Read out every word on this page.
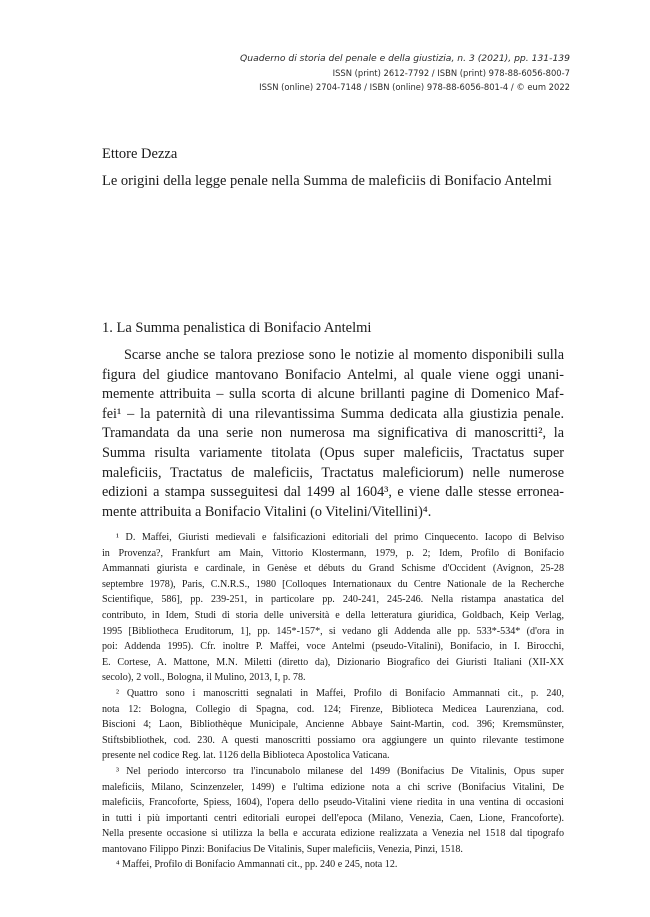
Quaderno di storia del penale e della giustizia, n. 3 (2021), pp. 131-139
ISSN (print) 2612-7792 / ISBN (print) 978-88-6056-800-7
ISSN (online) 2704-7148 / ISBN (online) 978-88-6056-801-4 / © eum 2022
Ettore Dezza
Le origini della legge penale nella Summa de maleficiis di Bonifacio Antelmi
1. La Summa penalistica di Bonifacio Antelmi
Scarse anche se talora preziose sono le notizie al momento disponibili sulla
figura del giudice mantovano Bonifacio Antelmi, al quale viene oggi unani-
memente attribuita – sulla scorta di alcune brillanti pagine di Domenico Maf-
fei¹ – la paternità di una rilevantissima Summa dedicata alla giustizia penale.
Tramandata da una serie non numerosa ma significativa di manoscritti², la
Summa risulta variamente titolata (Opus super maleficiis, Tractatus super
maleficiis, Tractatus de maleficiis, Tractatus maleficiorum) nelle numerose
edizioni a stampa susseguitesi dal 1499 al 1604³, e viene dalle stesse erronea-
mente attribuita a Bonifacio Vitalini (o Vitelini/Vitellini)⁴.
¹ D. Maffei, Giuristi medievali e falsificazioni editoriali del primo Cinquecento. Iacopo di Belviso
in Provenza?, Frankfurt am Main, Vittorio Klostermann, 1979, p. 2; Idem, Profilo di Bonifacio
Ammannati giurista e cardinale, in Genèse et débuts du Grand Schisme d'Occident (Avignon, 25-28
septembre 1978), Paris, C.N.R.S., 1980 [Colloques Internationaux du Centre Nationale de la Recherche
Scientifique, 586], pp. 239-251, in particolare pp. 240-241, 245-246. Nella ristampa anastatica del
contributo, in Idem, Studi di storia delle università e della letteratura giuridica, Goldbach, Keip Verlag,
1995 [Bibliotheca Eruditorum, 1], pp. 145*-157*, si vedano gli Addenda alle pp. 533*-534* (d'ora in
poi: Addenda 1995). Cfr. inoltre P. Maffei, voce Antelmi (pseudo-Vitalini), Bonifacio, in I. Birocchi,
E. Cortese, A. Mattone, M.N. Miletti (diretto da), Dizionario Biografico dei Giuristi Italiani (XII-XX
secolo), 2 voll., Bologna, il Mulino, 2013, I, p. 78.
² Quattro sono i manoscritti segnalati in Maffei, Profilo di Bonifacio Ammannati cit., p. 240,
nota 12: Bologna, Collegio di Spagna, cod. 124; Firenze, Biblioteca Medicea Laurenziana, cod.
Biscioni 4; Laon, Bibliothèque Municipale, Ancienne Abbaye Saint-Martin, cod. 396; Kremsmünster,
Stiftsbibliothek, cod. 230. A questi manoscritti possiamo ora aggiungere un quinto rilevante testimone
presente nel codice Reg. lat. 1126 della Biblioteca Apostolica Vaticana.
³ Nel periodo intercorso tra l'incunabolo milanese del 1499 (Bonifacius De Vitalinis, Opus super
maleficiis, Milano, Scinzenzeler, 1499) e l'ultima edizione nota a chi scrive (Bonifacius Vitalini, De
maleficiis, Francoforte, Spiess, 1604), l'opera dello pseudo-Vitalini viene riedita in una ventina di occasioni
in tutti i più importanti centri editoriali europei dell'epoca (Milano, Venezia, Caen, Lione, Francoforte).
Nella presente occasione si utilizza la bella e accurata edizione realizzata a Venezia nel 1518 dal tipografo
mantovano Filippo Pinzi: Bonifacius De Vitalinis, Super maleficiis, Venezia, Pinzi, 1518.
⁴ Maffei, Profilo di Bonifacio Ammannati cit., pp. 240 e 245, nota 12.
